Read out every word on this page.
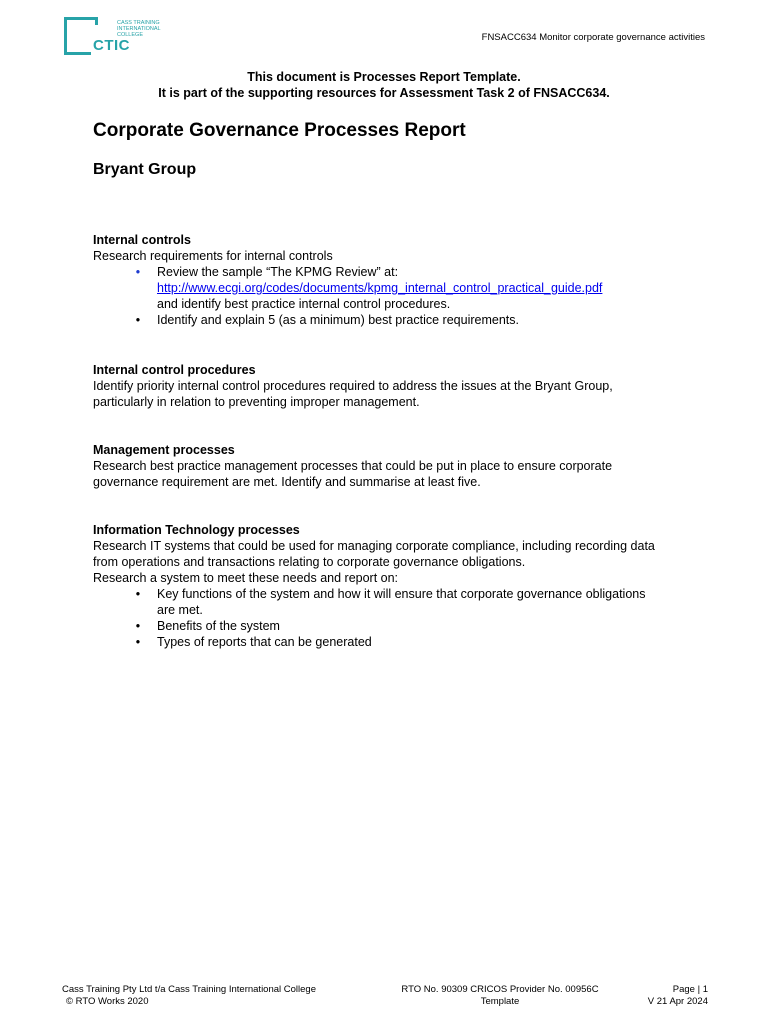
CTIC
CASS TRAINING
INTERNATIONAL
COLLEGE	FNSACC634 Monitor corporate governance activities
This document is Processes Report Template.
It is part of the supporting resources for Assessment Task 2 of FNSACC634.
Corporate Governance Processes Report
Bryant Group
Internal controls

Research requirements for internal controls

• Review the sample “The KPMG Review” at:
http://www.ecgi.org/codes/documents/kpmg_internal_control_practical_guide.pdf
and identify best practice internal control procedures.
• Identify and explain 5 (as a minimum) best practice requirements.
Internal control procedures

Identify priority internal control procedures required to address the issues at the Bryant Group,

particularly in relation to preventing improper management.

Management processes

Research best practice management processes that could be put in place to ensure corporate

governance requirement are met. Identify and summarise at least five.

Information Technology processes

Research IT systems that could be used for managing corporate compliance, including recording data

from operations and transactions relating to corporate governance obligations.

Research a system to meet these needs and report on:

• Key functions of the system and how it will ensure that corporate governance obligations
are met.
• Benefits of the system
• Types of reports that can be generated
Cass Training Pty Ltd t/a Cass Training International College
© RTO Works 2020
RTO No. 90309 CRICOS Provider No. 00956C
Template
Page | 1
V 21 Apr 2024
